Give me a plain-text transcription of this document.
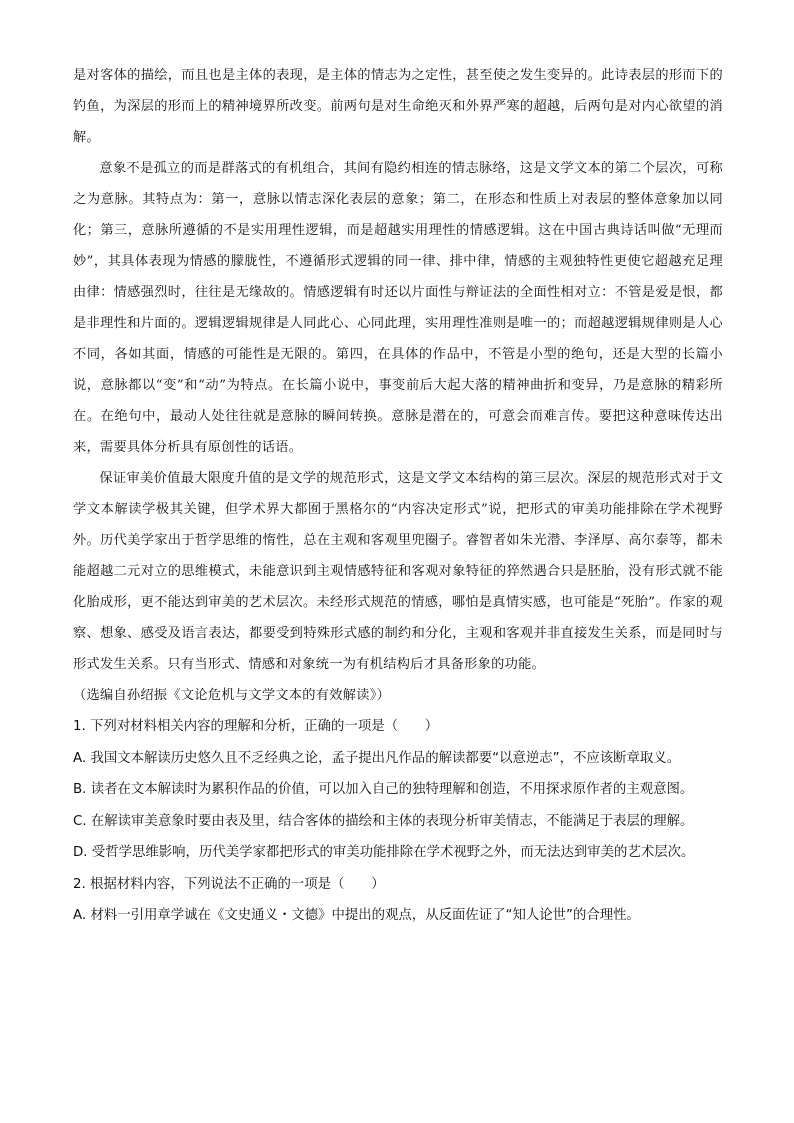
是对客体的描绘，而且也是主体的表现，是主体的情志为之定性，甚至使之发生变异的。此诗表层的形而下的钓鱼，为深层的形而上的精神境界所改变。前两句是对生命绝灭和外界严寒的超越，后两句是对内心欲望的消解。

意象不是孤立的而是群落式的有机组合，其间有隐约相连的情志脉络，这是文学文本的第二个层次，可称之为意脉。其特点为：第一，意脉以情志深化表层的意象；第二，在形态和性质上对表层的整体意象加以同化；第三，意脉所遵循的不是实用理性逻辑，而是超越实用理性的情感逻辑。这在中国古典诗话叫做“无理而妙”，其具体表现为情感的朦胧性，不遵循形式逻辑的同一律、排中律，情感的主观独特性更使它超越充足理由律：情感强烈时，往往是无缘故的。情感逻辑有时还以片面性与辩证法的全面性相对立：不管是爱是恨，都是非理性和片面的。逻辑逻辑规律是人同此心、心同此理，实用理性准则是唯一的；而超越逻辑规律则是人心不同，各如其面，情感的可能性是无限的。第四，在具体的作品中，不管是小型的绝句，还是大型的长篇小说，意脉都以“变”和“动”为特点。在长篇小说中，事变前后大起大落的精神曲折和变异，乃是意脉的精彩所在。在绝句中，最动人处往往就是意脉的瞬间转换。意脉是潜在的，可意会而难言传。要把这种意味传达出来，需要具体分析具有原创性的话语。

保证审美价值最大限度升值的是文学的规范形式，这是文学文本结构的第三层次。深层的规范形式对于文学文本解读学极其关键，但学术界大都囿于黑格尔的“内容决定形式”说，把形式的审美功能排除在学术视野外。历代美学家出于哲学思维的惰性，总在主观和客观里兜圈子。睿智者如朱光潜、李泽厚、高尔泰等，都未能超越二元对立的思维模式，未能意识到主观情感特征和客观对象特征的猝然遇合只是胚胎，没有形式就不能化胎成形，更不能达到审美的艺术层次。未经形式规范的情感，哪怕是真情实感，也可能是“死胎”。作家的观察、想象、感受及语言表达，都要受到特殊形式感的制约和分化，主观和客观并非直接发生关系，而是同时与形式发生关系。只有当形式、情感和对象统一为有机结构后才具备形象的功能。

（选编自孙绍振《文论危机与文学文本的有效解读》）

1. 下列对材料相关内容的理解和分析，正确的一项是（　　）

A. 我国文本解读历史悠久且不乏经典之论，孟子提出凡作品的解读都要“以意逆志”，不应该断章取义。

B. 读者在文本解读时为累积作品的价值，可以加入自己的独特理解和创造，不用探求原作者的主观意图。

C. 在解读审美意象时要由表及里，结合客体的描绘和主体的表现分析审美情志，不能满足于表层的理解。

D. 受哲学思维影响，历代美学家都把形式的审美功能排除在学术视野之外，而无法达到审美的艺术层次。

2. 根据材料内容，下列说法不正确的一项是（　　）

A. 材料一引用章学诚在《文史通义・文德》中提出的观点，从反面佐证了“知人论世”的合理性。
